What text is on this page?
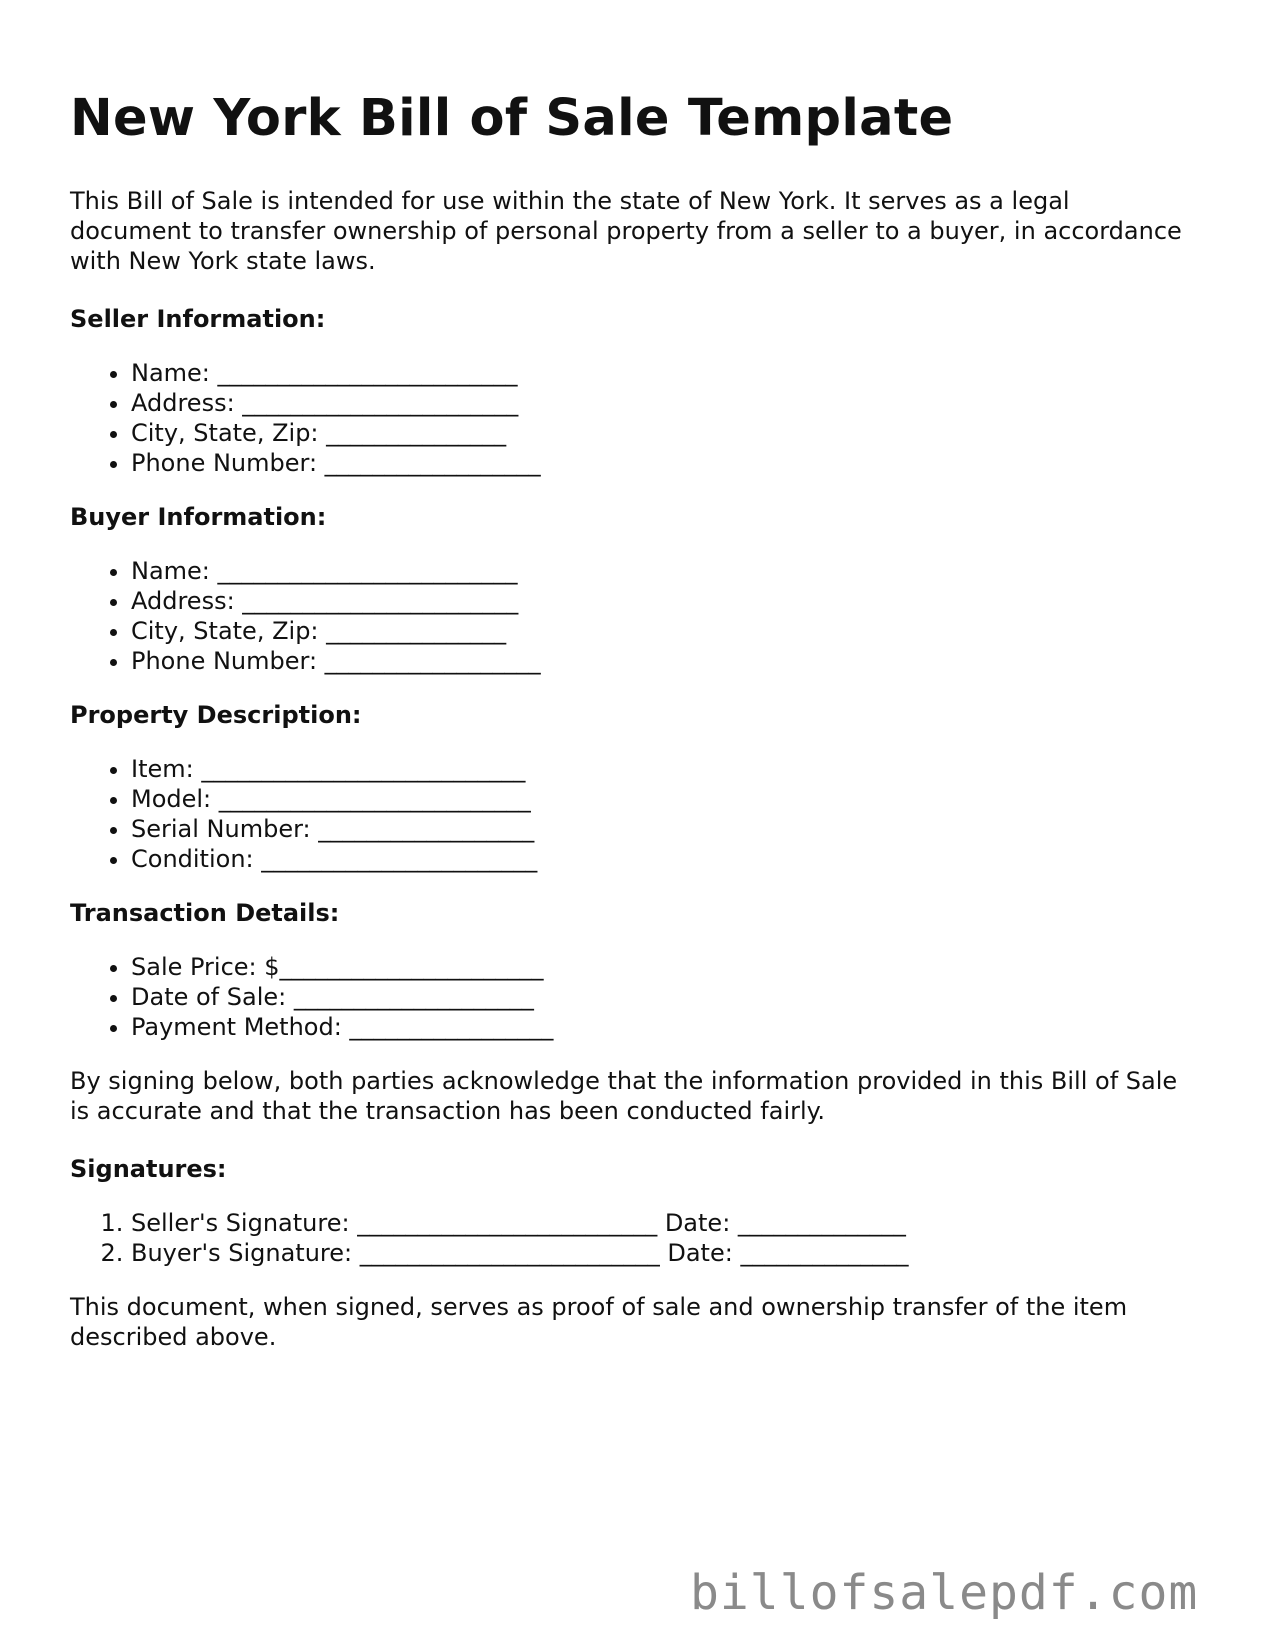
New York Bill of Sale Template

This Bill of Sale is intended for use within the state of New York. It serves as a legal document to transfer ownership of personal property from a seller to a buyer, in accordance with New York state laws.

Seller Information:
• Name: _________________________
• Address: _______________________
• City, State, Zip: _______________
• Phone Number: __________________
Buyer Information:
• Name: _________________________
• Address: _______________________
• City, State, Zip: _______________
• Phone Number: __________________
Property Description:
• Item: ___________________________
• Model: __________________________
• Serial Number: __________________
• Condition: _______________________
Transaction Details:
• Sale Price: $______________________
• Date of Sale: ____________________
• Payment Method: _________________

By signing below, both parties acknowledge that the information provided in this Bill of Sale is accurate and that the transaction has been conducted fairly.

Signatures:
1. Seller's Signature: _________________________ Date: ______________
2. Buyer's Signature: _________________________ Date: ______________

This document, when signed, serves as proof of sale and ownership transfer of the item described above.

billofsalepdf.com
